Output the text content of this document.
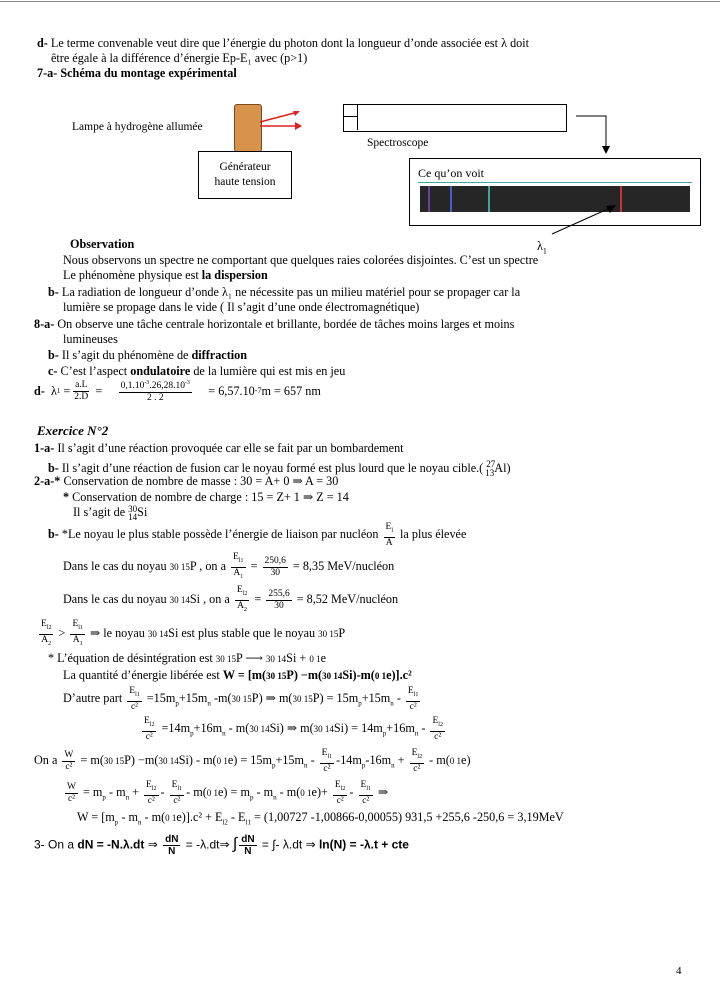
d- Le terme convenable veut dire que l’énergie du photon dont la longueur d’onde associée est λ doit
être égale à la différence d’énergie Ep-E₁ avec (p>1)
7-a- Schéma du montage expérimental
Lampe à hydrogène allumée
Générateur
haute tension
Spectroscope
Ce qu’on voit
$\lambda_1$
Observation
Nous observons un spectre ne comportant que quelques raies colorées disjointes. C’est un spectre
Le phénomène physique est la dispersion
b- La radiation de longueur d’onde λ₁ ne nécessite pas un milieu matériel pour se propager car la
lumière se propage dans le vide ( Il s’agit d’une onde électromagnétique)
8-a- On observe une tâche centrale horizontale et brillante, bordée de tâches moins larges et moins
lumineuses
b- Il s’agit du phénomène de diffraction
c- C’est l’aspect ondulatoire de la lumière qui est mis en jeu
d- λ $1 = \frac{a.L}{2.D} = \frac{0,1.10^{-3}.26,28.10^{-3}}{2 . 2} = 6,57.10$ -7 m = 657 nm
Exercice N°2
1-a- Il s’agit d’une réaction provoquée car elle se fait par un bombardement
b- Il s’agit d’une réaction de fusion car le noyau formé est plus lourd que le noyau cible.( $^{27}_{13}$Al)
2-a-* Conservation de nombre de masse : 30 = A+ 0 ⇒ A = 30
* Conservation de nombre de charge : 15 = Z+ 1 ⇒ Z = 14
Il s’agit de 30
14 Si
b- *Le noyau le plus stable possède l’énergie de liaison par nucléon $\frac{E_l}{A}$ la plus élevée
Dans le cas du noyau 30 15P , on a $\frac{E_{l1}}{A_1} = \frac{250,6}{30} = 8,35$ MeV/nucléon
Dans le cas du noyau 30 14Si , on a $\frac{E_{l2}}{A_2} = \frac{255,6}{30} = 8,52$ MeV/nucléon
$\frac{E_{l2}}{A_2} > \frac{E_{l1}}{A_1}$ ⇒ le noyau 30 14Si est plus stable que le noyau 30 15P
* L’équation de désintégration est 30 15P ⟶ 30 14Si + 0 1e
La quantité d’énergie libérée est W = [m(30 15P) −m(30 14Si)-m(0 1e)].c²
D’autre part $\frac{E_{l1}}{\text{c²}} =15m_p+15m_n$ -m(30 15P) ⇒ m(30 $15P) = 15m_p+15m_n - \frac{E_{l1}}{\text{c²}}$
$\frac{E_{l2}}{\text{c²}} =14m_p+16m_n - m(30$ 14Si) ⇒ m(30 $14Si) = 14m_p+16m_n - \frac{E_{l2}}{\text{c²}}$
On a $\frac{W}{\text{c²}} = m(30$ 15P) −m(30 14Si) - m(0 $1e) = 15m_p+15m_n - \frac{E_{l1}}{\text{c²}} -14m_p-16m_n + \frac{E_{l2}}{\text{c²}} - m(0$ 1e)
$\frac{W}{\text{c²}} = m_p - m_n + \frac{E_{l2}}{\text{c²}} - \frac{E_{l1}}{\text{c²}} - m(0$ $1e) = m_p - m_n - m(0$ $1e)+ \frac{E_{l2}}{\text{c²}} - \frac{E_{l1}}{\text{c²}}$ ⇒
$W = [m_p - m_n - m(0$ $1e)].c^2 + E_{l2} - E_{l1} = (1,00727$ -1,00866-0,00055) 931,5 +255,6 -250,6 = 3,19MeV
3- On a dN = -N.λ.dt ⇒ $\frac{dN}{N}$ = -λ.dt⇒ ∫ $\frac{dN}{N}$ = ∫- λ.dt ⇒ ln(N) = -λ.t + cte
4
